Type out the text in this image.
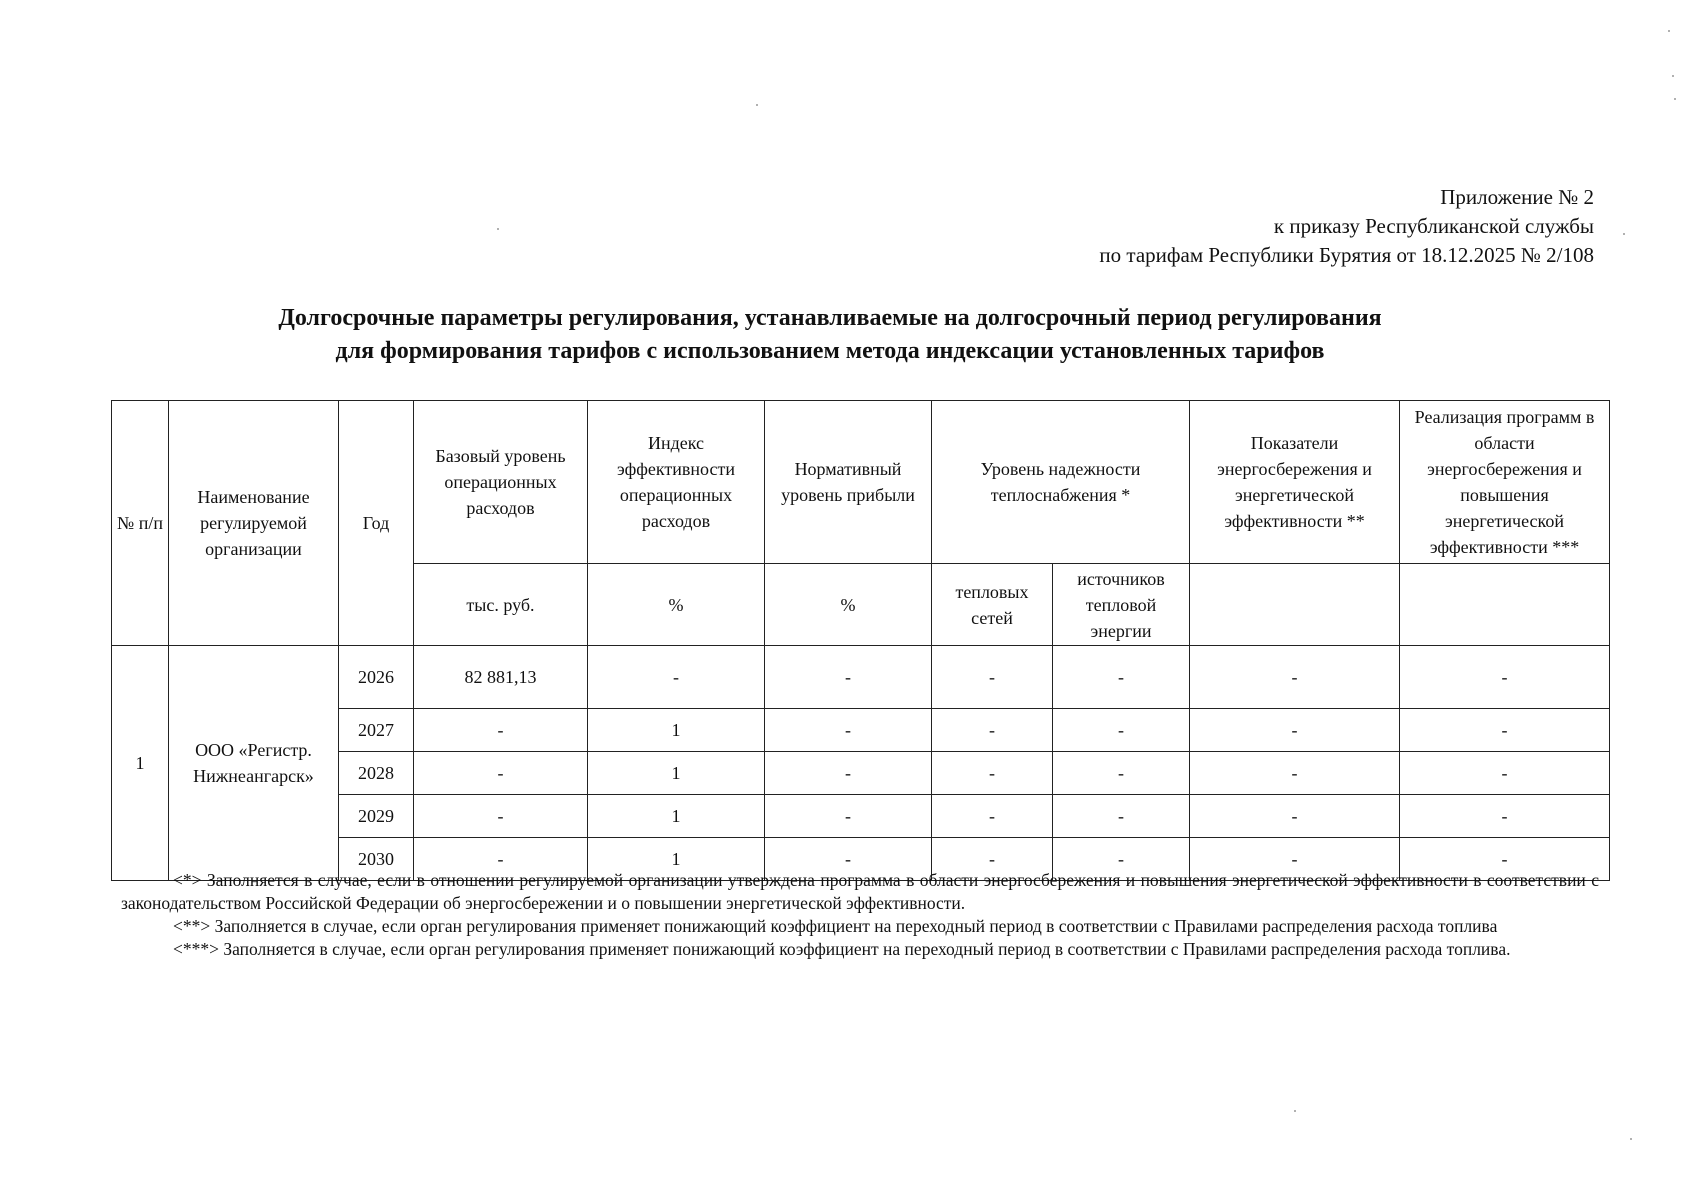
Приложение № 2
к приказу Республиканской службы
по тарифам Республики Бурятия от 18.12.2025 № 2/108
Долгосрочные параметры регулирования, устанавливаемые на долгосрочный период регулирования
для формирования тарифов с использованием метода индексации установленных тарифов
№ п/п	Наименование регулируемой организации	Год	Базовый уровень операционных расходов	Индекс эффективности операционных расходов	Нормативный уровень прибыли	Уровень надежности теплоснабжения *		Показатели энергосбережения и энергетической эффективности **	Реализация программ в области энергосбережения и повышения энергетической эффективности ***
			тыс. руб.	%	%	тепловых сетей	источников тепловой энергии		
1	ООО «Регистр. Нижнеангарск»	2026	82 881,13	-	-	-	-	-	-
		2027	-	1	-	-	-	-	-
		2028	-	1	-	-	-	-	-
		2029	-	1	-	-	-	-	-
		2030	-	1	-	-	-	-	-

<*> Заполняется в случае, если в отношении регулируемой организации утверждена программа в области энергосбережения и повышения энергетической эффективности в соответствии с законодательством Российской Федерации об энергосбережении и о повышении энергетической эффективности.

<**> Заполняется в случае, если орган регулирования применяет понижающий коэффициент на переходный период в соответствии с Правилами распределения расхода топлива

<***> Заполняется в случае, если орган регулирования применяет понижающий коэффициент на переходный период в соответствии с Правилами распределения расхода топлива.
